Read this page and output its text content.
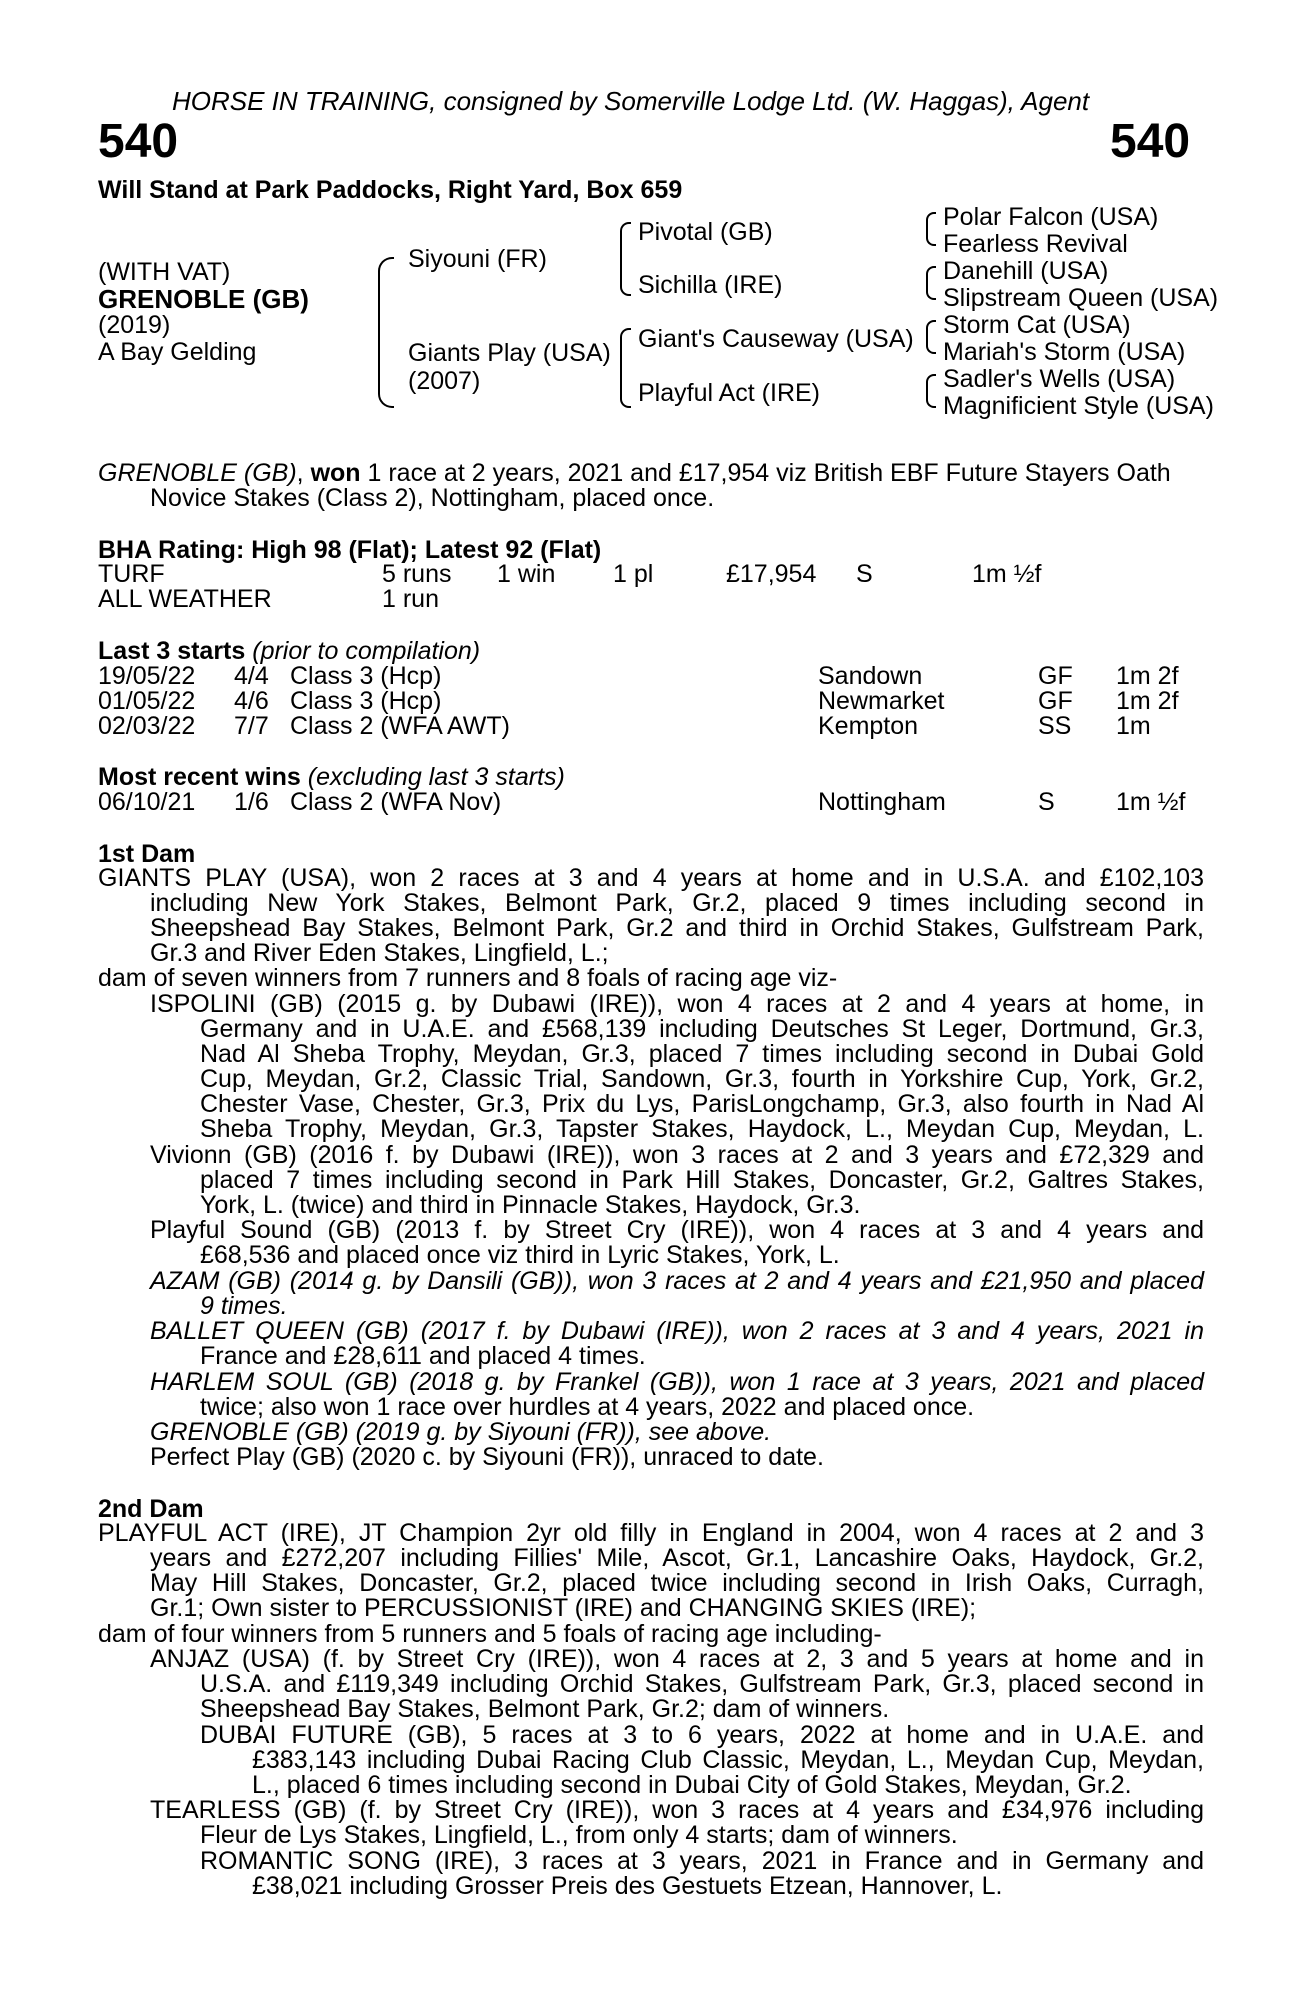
HORSE IN TRAINING, consigned by Somerville Lodge Ltd. (W. Haggas), Agent
540	540
Will Stand at Park Paddocks, Right Yard, Box 659
(WITH VAT)
GRENOBLE (GB)
(2019)
A Bay Gelding
Siyouni (FR)
Giants Play (USA)
(2007)
Pivotal (GB)
Sichilla (IRE)
Giant's Causeway (USA)
Playful Act (IRE)
Polar Falcon (USA)
Fearless Revival
Danehill (USA)
Slipstream Queen (USA)
Storm Cat (USA)
Mariah's Storm (USA)
Sadler's Wells (USA)
Magnificient Style (USA)
GRENOBLE (GB), won 1 race at 2 years, 2021 and £17,954 viz British EBF Future Stayers Oath
Novice Stakes (Class 2), Nottingham, placed once.
BHA Rating: High 98 (Flat); Latest 92 (Flat)
TURF	5 runs 1 win 1 pl	£17,954 S	1m ½f
ALL WEATHER	1 run
Last 3 starts (prior to compilation)
19/05/22 4/4 Class 3 (Hcp)	Sandown	GF 1m 2f
01/05/22 4/6 Class 3 (Hcp)	Newmarket	GF 1m 2f
02/03/22 7/7 Class 2 (WFA AWT)	Kempton	SS 1m
Most recent wins (excluding last 3 starts)
06/10/21 1/6 Class 2 (WFA Nov)	Nottingham	S 1m ½f
1st Dam
GIANTS PLAY (USA), won 2 races at 3 and 4 years at home and in U.S.A. and £102,103
including New York Stakes, Belmont Park, Gr.2, placed 9 times including second in
Sheepshead Bay Stakes, Belmont Park, Gr.2 and third in Orchid Stakes, Gulfstream Park,
Gr.3 and River Eden Stakes, Lingfield, L.;
dam of seven winners from 7 runners and 8 foals of racing age viz-
ISPOLINI (GB) (2015 g. by Dubawi (IRE)), won 4 races at 2 and 4 years at home, in
Germany and in U.A.E. and £568,139 including Deutsches St Leger, Dortmund, Gr.3,
Nad Al Sheba Trophy, Meydan, Gr.3, placed 7 times including second in Dubai Gold
Cup, Meydan, Gr.2, Classic Trial, Sandown, Gr.3, fourth in Yorkshire Cup, York, Gr.2,
Chester Vase, Chester, Gr.3, Prix du Lys, ParisLongchamp, Gr.3, also fourth in Nad Al
Sheba Trophy, Meydan, Gr.3, Tapster Stakes, Haydock, L., Meydan Cup, Meydan, L.
Vivionn (GB) (2016 f. by Dubawi (IRE)), won 3 races at 2 and 3 years and £72,329 and
placed 7 times including second in Park Hill Stakes, Doncaster, Gr.2, Galtres Stakes,
York, L. (twice) and third in Pinnacle Stakes, Haydock, Gr.3.
Playful Sound (GB) (2013 f. by Street Cry (IRE)), won 4 races at 3 and 4 years and
£68,536 and placed once viz third in Lyric Stakes, York, L.
AZAM (GB) (2014 g. by Dansili (GB)), won 3 races at 2 and 4 years and £21,950 and placed
9 times.
BALLET QUEEN (GB) (2017 f. by Dubawi (IRE)), won 2 races at 3 and 4 years, 2021 in
France and £28,611 and placed 4 times.
HARLEM SOUL (GB) (2018 g. by Frankel (GB)), won 1 race at 3 years, 2021 and placed
twice; also won 1 race over hurdles at 4 years, 2022 and placed once.
GRENOBLE (GB) (2019 g. by Siyouni (FR)), see above.
Perfect Play (GB) (2020 c. by Siyouni (FR)), unraced to date.
2nd Dam
PLAYFUL ACT (IRE), JT Champion 2yr old filly in England in 2004, won 4 races at 2 and 3
years and £272,207 including Fillies' Mile, Ascot, Gr.1, Lancashire Oaks, Haydock, Gr.2,
May Hill Stakes, Doncaster, Gr.2, placed twice including second in Irish Oaks, Curragh,
Gr.1; Own sister to PERCUSSIONIST (IRE) and CHANGING SKIES (IRE);
dam of four winners from 5 runners and 5 foals of racing age including-
ANJAZ (USA) (f. by Street Cry (IRE)), won 4 races at 2, 3 and 5 years at home and in
U.S.A. and £119,349 including Orchid Stakes, Gulfstream Park, Gr.3, placed second in
Sheepshead Bay Stakes, Belmont Park, Gr.2; dam of winners.
DUBAI FUTURE (GB), 5 races at 3 to 6 years, 2022 at home and in U.A.E. and
£383,143 including Dubai Racing Club Classic, Meydan, L., Meydan Cup, Meydan,
L., placed 6 times including second in Dubai City of Gold Stakes, Meydan, Gr.2.
TEARLESS (GB) (f. by Street Cry (IRE)), won 3 races at 4 years and £34,976 including
Fleur de Lys Stakes, Lingfield, L., from only 4 starts; dam of winners.
ROMANTIC SONG (IRE), 3 races at 3 years, 2021 in France and in Germany and
£38,021 including Grosser Preis des Gestuets Etzean, Hannover, L.
